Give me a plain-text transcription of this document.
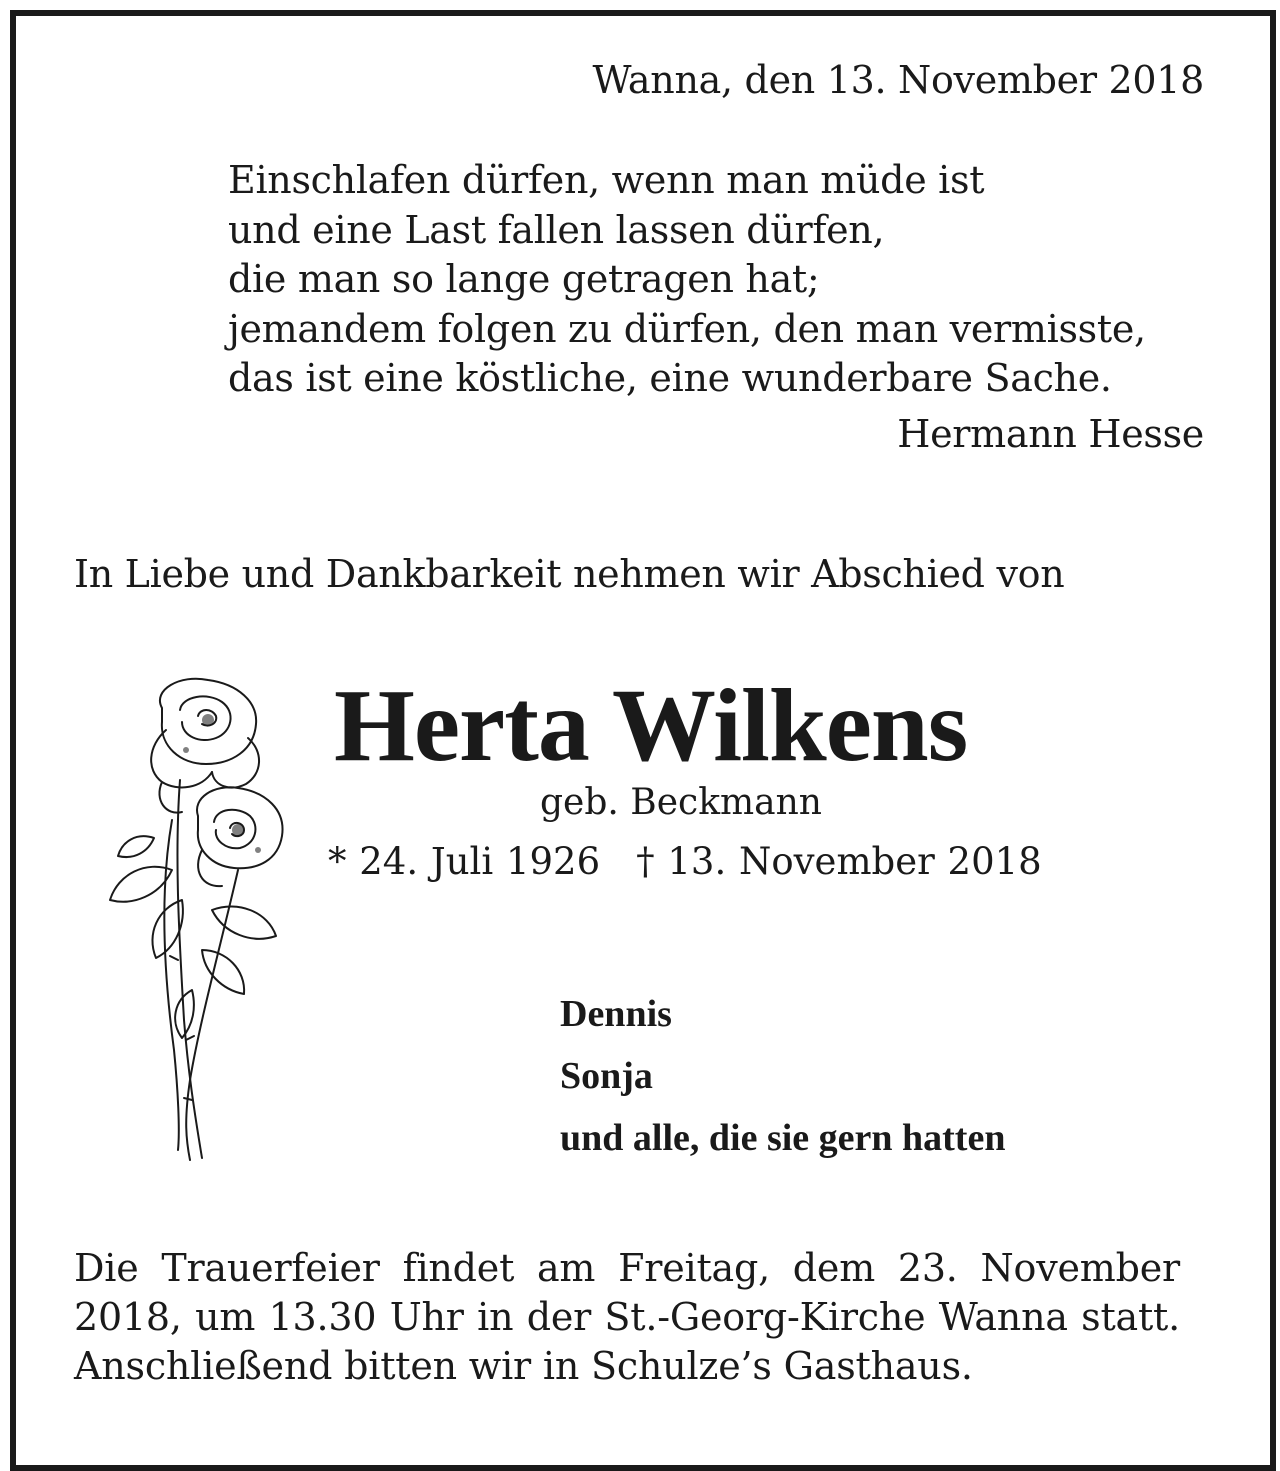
Wanna, den 13. November 2018
Einschlafen dürfen, wenn man müde ist
und eine Last fallen lassen dürfen,
die man so lange getragen hat;
jemandem folgen zu dürfen, den man vermisste,
das ist eine köstliche, eine wunderbare Sache.
Hermann Hesse
In Liebe und Dankbarkeit nehmen wir Abschied von
Herta Wilkens
geb. Beckmann
* 24. Juli 1926 † 13. November 2018
Dennis
Sonja
und alle, die sie gern hatten
Die Trauerfeier findet am Freitag, dem 23. November 2018, um 13.30 Uhr in der St.-Georg-Kirche Wanna statt. Anschließend bitten wir in Schulze’s Gasthaus.
